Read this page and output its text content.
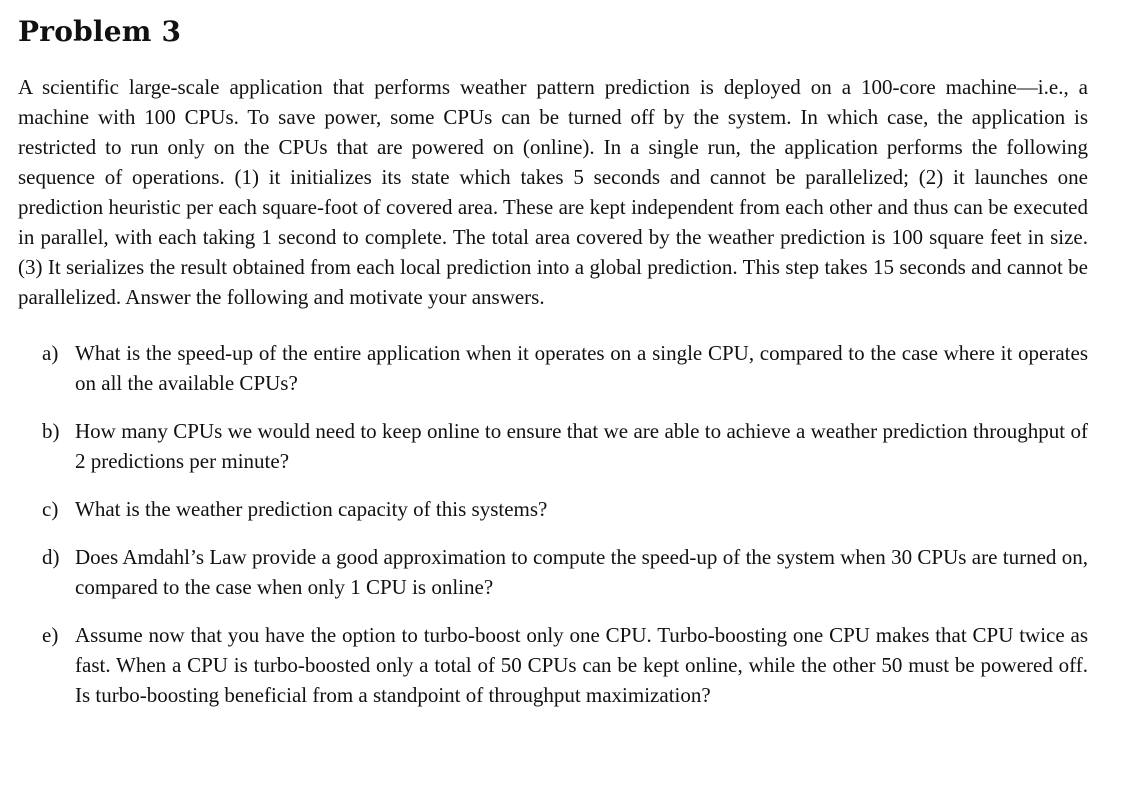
Problem 3

A scientific large-scale application that performs weather pattern prediction is deployed on a 100-core machine—i.e., a machine with 100 CPUs. To save power, some CPUs can be turned off by the system. In which case, the application is restricted to run only on the CPUs that are powered on (online). In a single run, the application performs the following sequence of operations. (1) it initializes its state which takes 5 seconds and cannot be parallelized; (2) it launches one prediction heuristic per each square-foot of covered area. These are kept independent from each other and thus can be executed in parallel, with each taking 1 second to complete. The total area covered by the weather prediction is 100 square feet in size. (3) It serializes the result obtained from each local prediction into a global prediction. This step takes 15 seconds and cannot be parallelized. Answer the following and motivate your answers.

a) What is the speed-up of the entire application when it operates on a single CPU, compared to the case where it operates on all the available CPUs?
b) How many CPUs we would need to keep online to ensure that we are able to achieve a weather prediction throughput of 2 predictions per minute?
c) What is the weather prediction capacity of this systems?
d) Does Amdahl’s Law provide a good approximation to compute the speed-up of the system when 30 CPUs are turned on, compared to the case when only 1 CPU is online?
e) Assume now that you have the option to turbo-boost only one CPU. Turbo-boosting one CPU makes that CPU twice as fast. When a CPU is turbo-boosted only a total of 50 CPUs can be kept online, while the other 50 must be powered off. Is turbo-boosting beneficial from a standpoint of throughput maximization?
